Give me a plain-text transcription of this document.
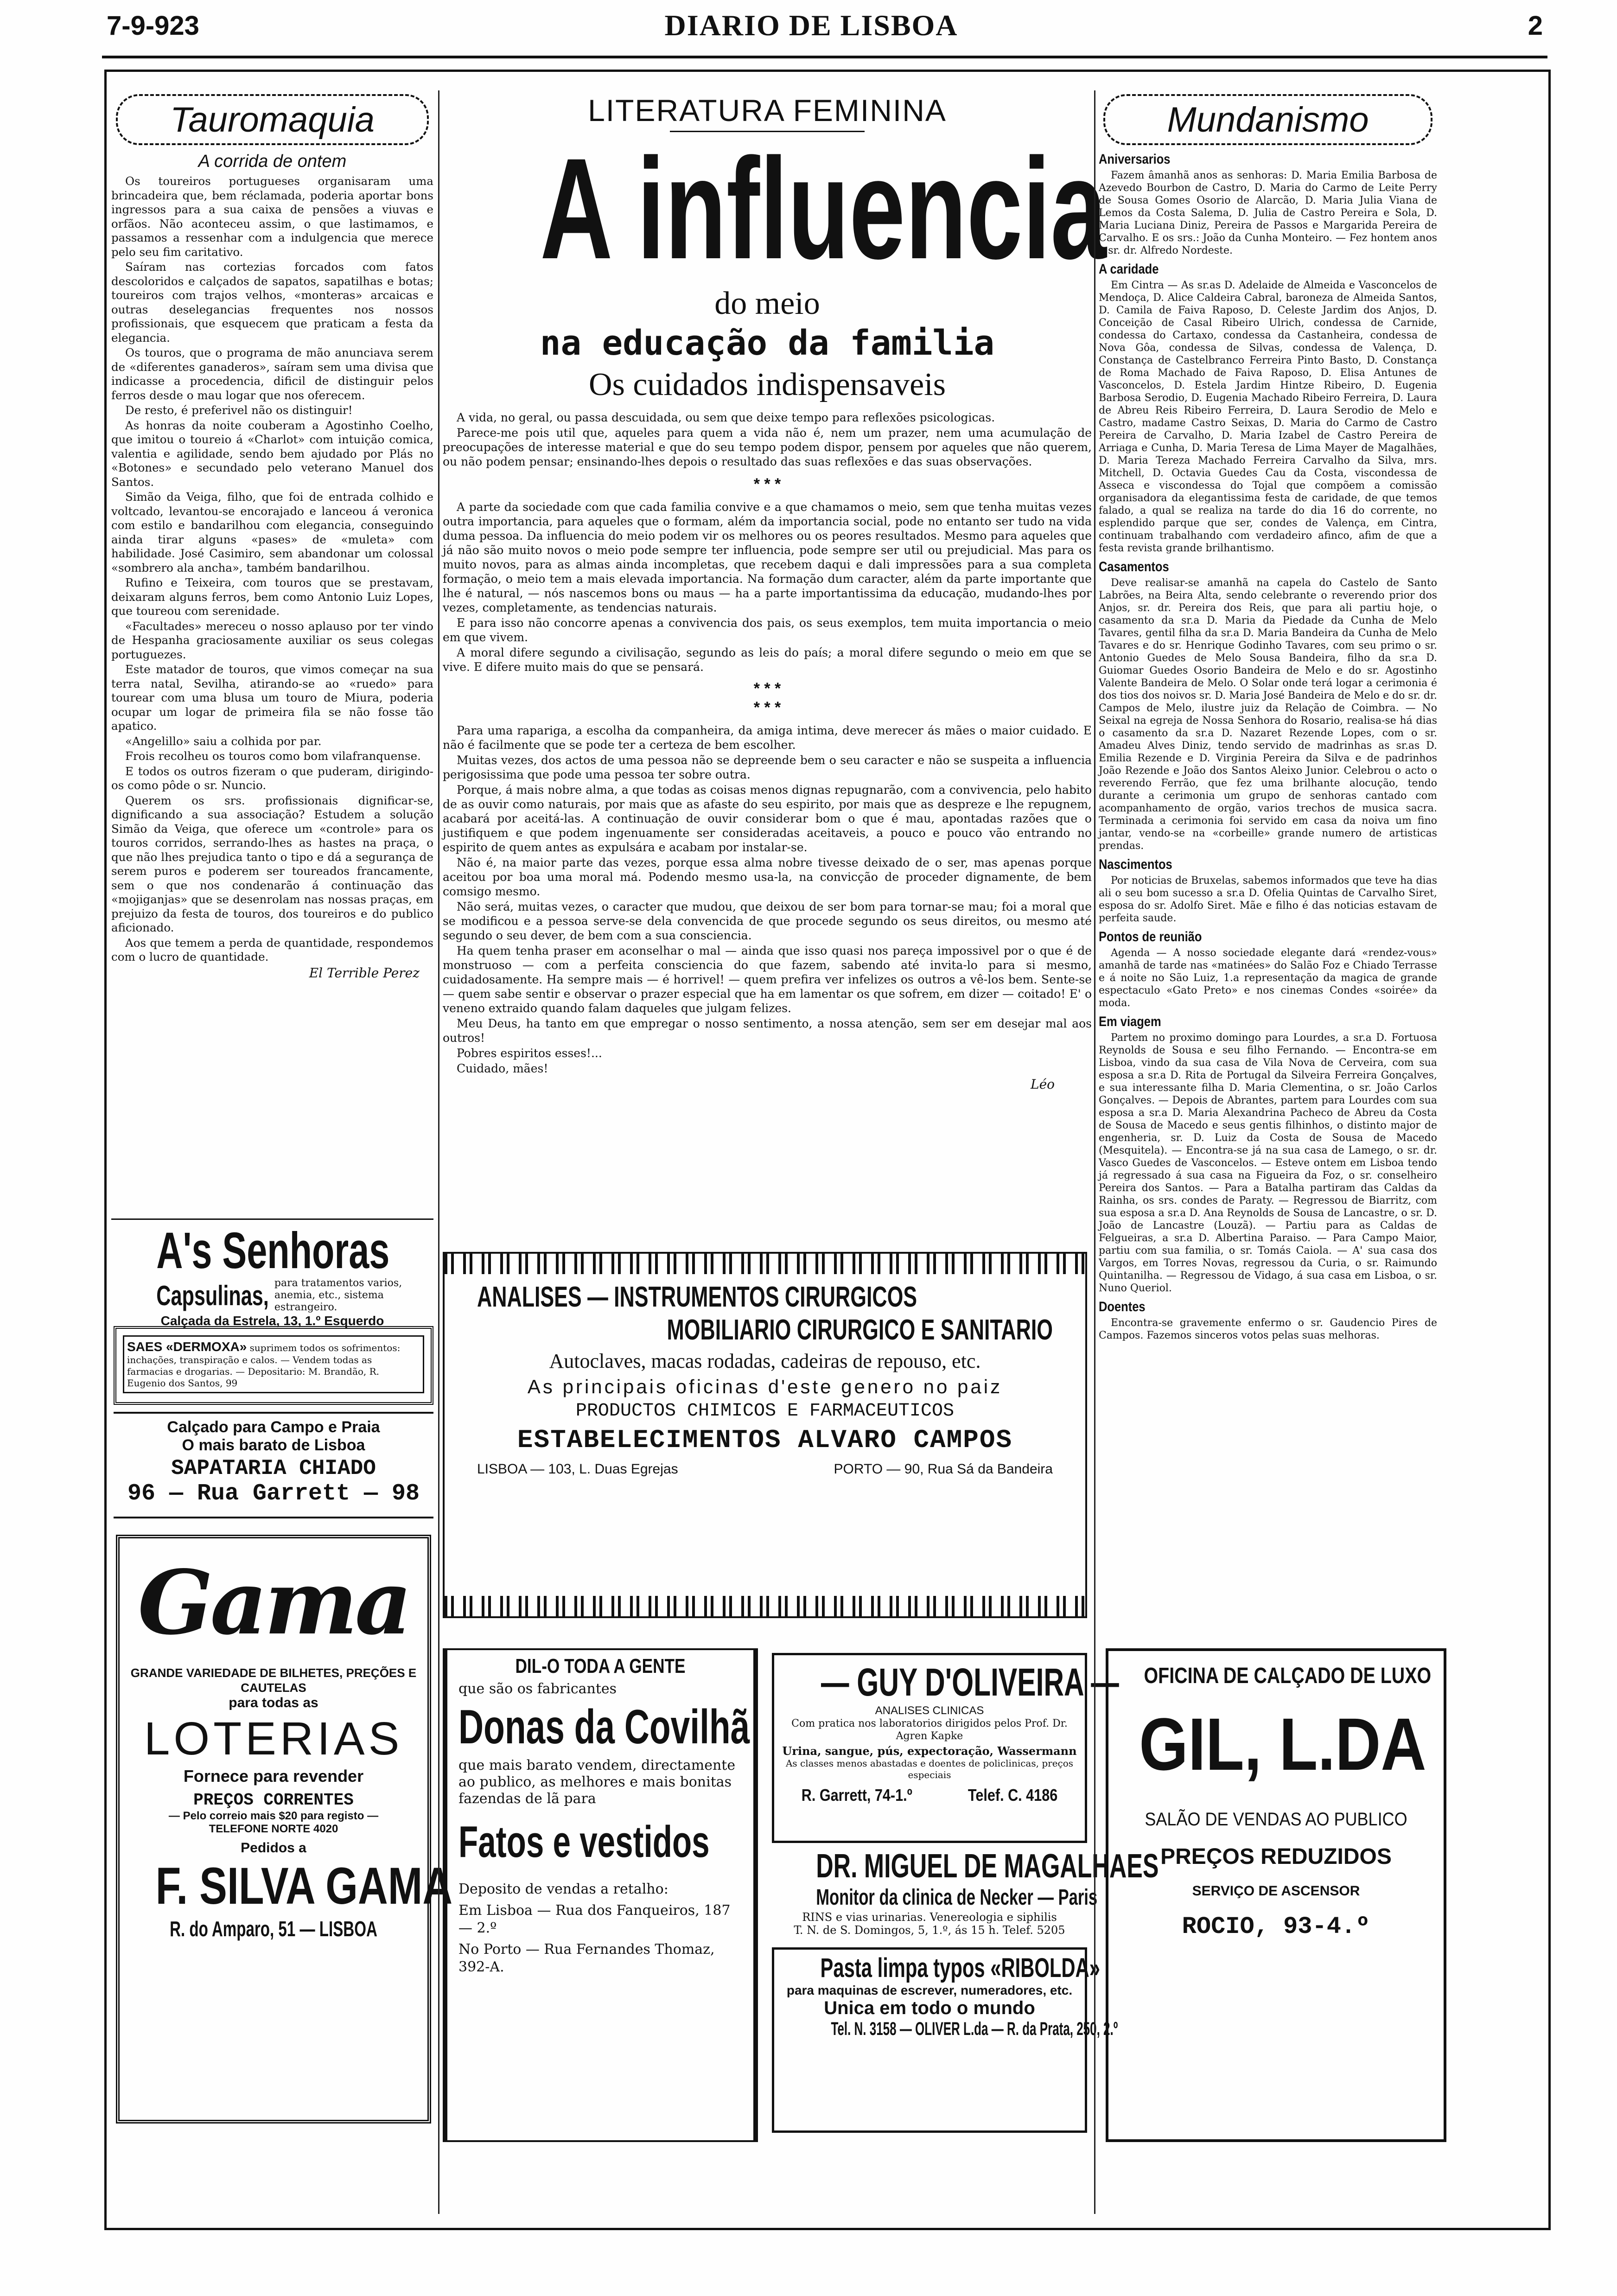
7-9-923	DIARIO DE LISBOA	2
Tauromaquia
A corrida de ontem

Os toureiros portugueses organisaram uma brincadeira que, bem réclamada, poderia aportar bons ingressos para a sua caixa de pensões a viuvas e orfãos. Não aconteceu assim, o que lastimamos, e passamos a ressenhar com a indulgencia que merece pelo seu fim caritativo.

Saíram nas cortezias forcados com fatos descoloridos e calçados de sapatos, sapatilhas e botas; toureiros com trajos velhos, «monteras» arcaicas e outras deselegancias frequentes nos nossos profissionais, que esquecem que praticam a festa da elegancia.

Os touros, que o programa de mão anunciava serem de «diferentes ganaderos», saíram sem uma divisa que indicasse a procedencia, dificil de distinguir pelos ferros desde o mau logar que nos oferecem.

De resto, é preferivel não os distinguir!

As honras da noite couberam a Agostinho Coelho, que imitou o toureio á «Charlot» com intuição comica, valentia e agilidade, sendo bem ajudado por Plás no «Botones» e secundado pelo veterano Manuel dos Santos.

Simão da Veiga, filho, que foi de entrada colhido e voltcado, levantou-se encorajado e lanceou á veronica com estilo e bandarilhou com elegancia, conseguindo ainda tirar alguns «pases» de «muleta» com habilidade. José Casimiro, sem abandonar um colossal «sombrero ala ancha», também bandarilhou.

Rufino e Teixeira, com touros que se prestavam, deixaram alguns ferros, bem como Antonio Luiz Lopes, que toureou com serenidade.

«Facultades» mereceu o nosso aplauso por ter vindo de Hespanha graciosamente auxiliar os seus colegas portuguezes.

Este matador de touros, que vimos começar na sua terra natal, Sevilha, atirando-se ao «ruedo» para tourear com uma blusa um touro de Miura, poderia ocupar um logar de primeira fila se não fosse tão apatico.

«Angelillo» saiu a colhida por par.

Frois recolheu os touros como bom vilafranquense.

E todos os outros fizeram o que puderam, dirigindo-os como pôde o sr. Nuncio.

Querem os srs. profissionais dignificar-se, dignificando a sua associação? Estudem a solução Simão da Veiga, que oferece um «controle» para os touros corridos, serrando-lhes as hastes na praça, o que não lhes prejudica tanto o tipo e dá a segurança de serem puros e poderem ser toureados francamente, sem o que nos condenarão á continuação das «mojiganjas» que se desenrolam nas nossas praças, em prejuizo da festa de touros, dos toureiros e do publico aficionado.

Aos que temem a perda de quantidade, respondemos com o lucro de quantidade.

El Terrible Perez
A's Senhoras
Capsulinas, para tratamentos varios, anemia, etc., sistema estrangeiro.
Calçada da Estrela, 13, 1.º Esquerdo
SAES «DERMOXA» suprimem todos os sofrimentos: inchações, transpiração e calos. — Vendem todas as farmacias e drogarias. — Depositario: M. Brandão, R. Eugenio dos Santos, 99
Calçado para Campo e Praia
O mais barato de Lisboa
SAPATARIA CHIADO
96 — Rua Garrett — 98
Gama
GRANDE VARIEDADE DE BILHETES, PREÇÕES E CAUTELAS
para todas as
LOTERIAS
Fornece para revender
PREÇOS CORRENTES
— Pelo correio mais $20 para registo —
TELEFONE NORTE 4020
Pedidos a
F. SILVA GAMA
R. do Amparo, 51 — LISBOA
LITERATURA FEMININA
A influencia
do meio
na educação da familia
Os cuidados indispensaveis

A vida, no geral, ou passa descuidada, ou sem que deixe tempo para reflexões psicologicas.

Parece-me pois util que, aqueles para quem a vida não é, nem um prazer, nem uma acumulação de preocupações de interesse material e que do seu tempo podem dispor, pensem por aqueles que não querem, ou não podem pensar; ensinando-lhes depois o resultado das suas reflexões e das suas observações.

* * *

A parte da sociedade com que cada familia convive e a que chamamos o meio, sem que tenha muitas vezes outra importancia, para aqueles que o formam, além da importancia social, pode no entanto ser tudo na vida duma pessoa. Da influencia do meio podem vir os melhores ou os peores resultados. Mesmo para aqueles que já não são muito novos o meio pode sempre ter influencia, pode sempre ser util ou prejudicial. Mas para os muito novos, para as almas ainda incompletas, que recebem daqui e dali impressões para a sua completa formação, o meio tem a mais elevada importancia. Na formação dum caracter, além da parte importante que lhe é natural, — nós nascemos bons ou maus — ha a parte importantissima da educação, mudando-lhes por vezes, completamente, as tendencias naturais.

E para isso não concorre apenas a convivencia dos pais, os seus exemplos, tem muita importancia o meio em que vivem.

A moral difere segundo a civilisação, segundo as leis do país; a moral difere segundo o meio em que se vive. E difere muito mais do que se pensará.

* * *
* * *

Para uma rapariga, a escolha da companheira, da amiga intima, deve merecer ás mães o maior cuidado. E não é facilmente que se pode ter a certeza de bem escolher.

Muitas vezes, dos actos de uma pessoa não se depreende bem o seu caracter e não se suspeita a influencia perigosissima que pode uma pessoa ter sobre outra.

Porque, á mais nobre alma, a que todas as coisas menos dignas repugnarão, com a convivencia, pelo habito de as ouvir como naturais, por mais que as afaste do seu espirito, por mais que as despreze e lhe repugnem, acabará por aceitá-las. A continuação de ouvir considerar bom o que é mau, apontadas razões que o justifiquem e que podem ingenuamente ser consideradas aceitaveis, a pouco e pouco vão entrando no espirito de quem antes as expulsára e acabam por instalar-se.

Não é, na maior parte das vezes, porque essa alma nobre tivesse deixado de o ser, mas apenas porque aceitou por boa uma moral má. Podendo mesmo usa-la, na convicção de proceder dignamente, de bem comsigo mesmo.

Não será, muitas vezes, o caracter que mudou, que deixou de ser bom para tornar-se mau; foi a moral que se modificou e a pessoa serve-se dela convencida de que procede segundo os seus direitos, ou mesmo até segundo o seu dever, de bem com a sua consciencia.

Ha quem tenha praser em aconselhar o mal — ainda que isso quasi nos pareça impossivel por o que é de monstruoso — com a perfeita consciencia do que fazem, sabendo até invita-lo para si mesmo, cuidadosamente. Ha sempre mais — é horrivel! — quem prefira ver infelizes os outros a vê-los bem. Sente-se — quem sabe sentir e observar o prazer especial que ha em lamentar os que sofrem, em dizer — coitado! E' o veneno extraido quando falam daqueles que julgam felizes.

Meu Deus, ha tanto em que empregar o nosso sentimento, a nossa atenção, sem ser em desejar mal aos outros!

Pobres espiritos esses!...

Cuidado, mães!

Léo
ANALISES — INSTRUMENTOS CIRURGICOS
MOBILIARIO CIRURGICO E SANITARIO
Autoclaves, macas rodadas, cadeiras de repouso, etc.
As principais oficinas d'este genero no paiz
PRODUCTOS CHIMICOS E FARMACEUTICOS
ESTABELECIMENTOS ALVARO CAMPOS
LISBOA — 103, L. Duas Egrejas	PORTO — 90, Rua Sá da Bandeira
DIL-O TODA A GENTE
que são os fabricantes
Donas da Covilhã
que mais barato vendem, directamente ao publico, as melhores e mais bonitas fazendas de lã para
Fatos e vestidos
Deposito de vendas a retalho:
Em Lisboa — Rua dos Fanqueiros, 187 — 2.º
No Porto — Rua Fernandes Thomaz, 392-A.
— GUY D'OLIVEIRA —
ANALISES CLINICAS
Com pratica nos laboratorios dirigidos pelos Prof. Dr. Agren Kapke
Urina, sangue, pús, expectoração, Wassermann
As classes menos abastadas e doentes de policlinicas, preços especiais
R. Garrett, 74-1.º	Telef. C. 4186
DR. MIGUEL DE MAGALHAES
Monitor da clinica de Necker — Paris
RINS e vias urinarias. Venereologia e siphilis
T. N. de S. Domingos, 5, 1.º, ás 15 h. Telef. 5205
Pasta limpa typos «RIBOLDA»
para maquinas de escrever, numeradores, etc.
Unica em todo o mundo
Tel. N. 3158 — OLIVER L.da — R. da Prata, 250, 2.º
Mundanismo
Aniversarios

Fazem âmanhã anos as senhoras: D. Maria Emilia Barbosa de Azevedo Bourbon de Castro, D. Maria do Carmo de Leite Perry de Sousa Gomes Osorio de Alarcão, D. Maria Julia Viana de Lemos da Costa Salema, D. Julia de Castro Pereira e Sola, D. Maria Luciana Diniz, Pereira de Passos e Margarida Pereira de Carvalho. E os srs.: João da Cunha Monteiro. — Fez hontem anos o sr. dr. Alfredo Nordeste.

A caridade

Em Cintra — As sr.as D. Adelaide de Almeida e Vasconcelos de Mendoça, D. Alice Caldeira Cabral, baroneza de Almeida Santos, D. Camila de Faiva Raposo, D. Celeste Jardim dos Anjos, D. Conceição de Casal Ribeiro Ulrich, condessa de Carnide, condessa do Cartaxo, condessa da Castanheira, condessa de Nova Gôa, condessa de Silvas, condessa de Valença, D. Constança de Castelbranco Ferreira Pinto Basto, D. Constança de Roma Machado de Faiva Raposo, D. Elisa Antunes de Vasconcelos, D. Estela Jardim Hintze Ribeiro, D. Eugenia Barbosa Serodio, D. Eugenia Machado Ribeiro Ferreira, D. Laura de Abreu Reis Ribeiro Ferreira, D. Laura Serodio de Melo e Castro, madame Castro Seixas, D. Maria do Carmo de Castro Pereira de Carvalho, D. Maria Izabel de Castro Pereira de Arriaga e Cunha, D. Maria Teresa de Lima Mayer de Magalhães, D. Maria Tereza Machado Ferreira Carvalho da Silva, mrs. Mitchell, D. Octavia Guedes Cau da Costa, viscondessa de Asseca e viscondessa do Tojal que compõem a comissão organisadora da elegantissima festa de caridade, de que temos falado, a qual se realiza na tarde do dia 16 do corrente, no esplendido parque que ser, condes de Valença, em Cintra, continuam trabalhando com verdadeiro afinco, afim de que a festa revista grande brilhantismo.

Casamentos

Deve realisar-se amanhã na capela do Castelo de Santo Labrões, na Beira Alta, sendo celebrante o reverendo prior dos Anjos, sr. dr. Pereira dos Reis, que para ali partiu hoje, o casamento da sr.a D. Maria da Piedade da Cunha de Melo Tavares, gentil filha da sr.a D. Maria Bandeira da Cunha de Melo Tavares e do sr. Henrique Godinho Tavares, com seu primo o sr. Antonio Guedes de Melo Sousa Bandeira, filho da sr.a D. Guiomar Guedes Osorio Bandeira de Melo e do sr. Agostinho Valente Bandeira de Melo. O Solar onde terá logar a cerimonia é dos tios dos noivos sr. D. Maria José Bandeira de Melo e do sr. dr. Campos de Melo, ilustre juiz da Relação de Coimbra. — No Seixal na egreja de Nossa Senhora do Rosario, realisa-se há dias o casamento da sr.a D. Nazaret Rezende Lopes, com o sr. Amadeu Alves Diniz, tendo servido de madrinhas as sr.as D. Emilia Rezende e D. Virginia Pereira da Silva e de padrinhos João Rezende e João dos Santos Aleixo Junior. Celebrou o acto o reverendo Ferrão, que fez uma brilhante alocução, tendo durante a cerimonia um grupo de senhoras cantado com acompanhamento de orgão, varios trechos de musica sacra. Terminada a cerimonia foi servido em casa da noiva um fino jantar, vendo-se na «corbeille» grande numero de artisticas prendas.

Nascimentos

Por noticias de Bruxelas, sabemos informados que teve ha dias ali o seu bom sucesso a sr.a D. Ofelia Quintas de Carvalho Siret, esposa do sr. Adolfo Siret. Mãe e filho é das noticias estavam de perfeita saude.

Pontos de reunião

Agenda — A nosso sociedade elegante dará «rendez-vous» amanhã de tarde nas «matinées» do Salão Foz e Chiado Terrasse e á noite no São Luiz, 1.a representação da magica de grande espectaculo «Gato Preto» e nos cinemas Condes «soirée» da moda.

Em viagem

Partem no proximo domingo para Lourdes, a sr.a D. Fortuosa Reynolds de Sousa e seu filho Fernando. — Encontra-se em Lisboa, vindo da sua casa de Vila Nova de Cerveira, com sua esposa a sr.a D. Rita de Portugal da Silveira Ferreira Gonçalves, e sua interessante filha D. Maria Clementina, o sr. João Carlos Gonçalves. — Depois de Abrantes, partem para Lourdes com sua esposa a sr.a D. Maria Alexandrina Pacheco de Abreu da Costa de Sousa de Macedo e seus gentis filhinhos, o distinto major de engenheria, sr. D. Luiz da Costa de Sousa de Macedo (Mesquitela). — Encontra-se já na sua casa de Lamego, o sr. dr. Vasco Guedes de Vasconcelos. — Esteve ontem em Lisboa tendo já regressado á sua casa na Figueira da Foz, o sr. conselheiro Pereira dos Santos. — Para a Batalha partiram das Caldas da Rainha, os srs. condes de Paraty. — Regressou de Biarritz, com sua esposa a sr.a D. Ana Reynolds de Sousa de Lancastre, o sr. D. João de Lancastre (Louzã). — Partiu para as Caldas de Felgueiras, a sr.a D. Albertina Paraiso. — Para Campo Maior, partiu com sua familia, o sr. Tomás Caiola. — A' sua casa dos Vargos, em Torres Novas, regressou da Curia, o sr. Raimundo Quintanilha. — Regressou de Vidago, á sua casa em Lisboa, o sr. Nuno Queriol.

Doentes

Encontra-se gravemente enfermo o sr. Gaudencio Pires de Campos. Fazemos sinceros votos pelas suas melhoras.

OFICINA DE CALÇADO DE LUXO
GIL, L.DA
SALÃO DE VENDAS AO PUBLICO
PREÇOS REDUZIDOS
SERVIÇO DE ASCENSOR
ROCIO, 93-4.º
